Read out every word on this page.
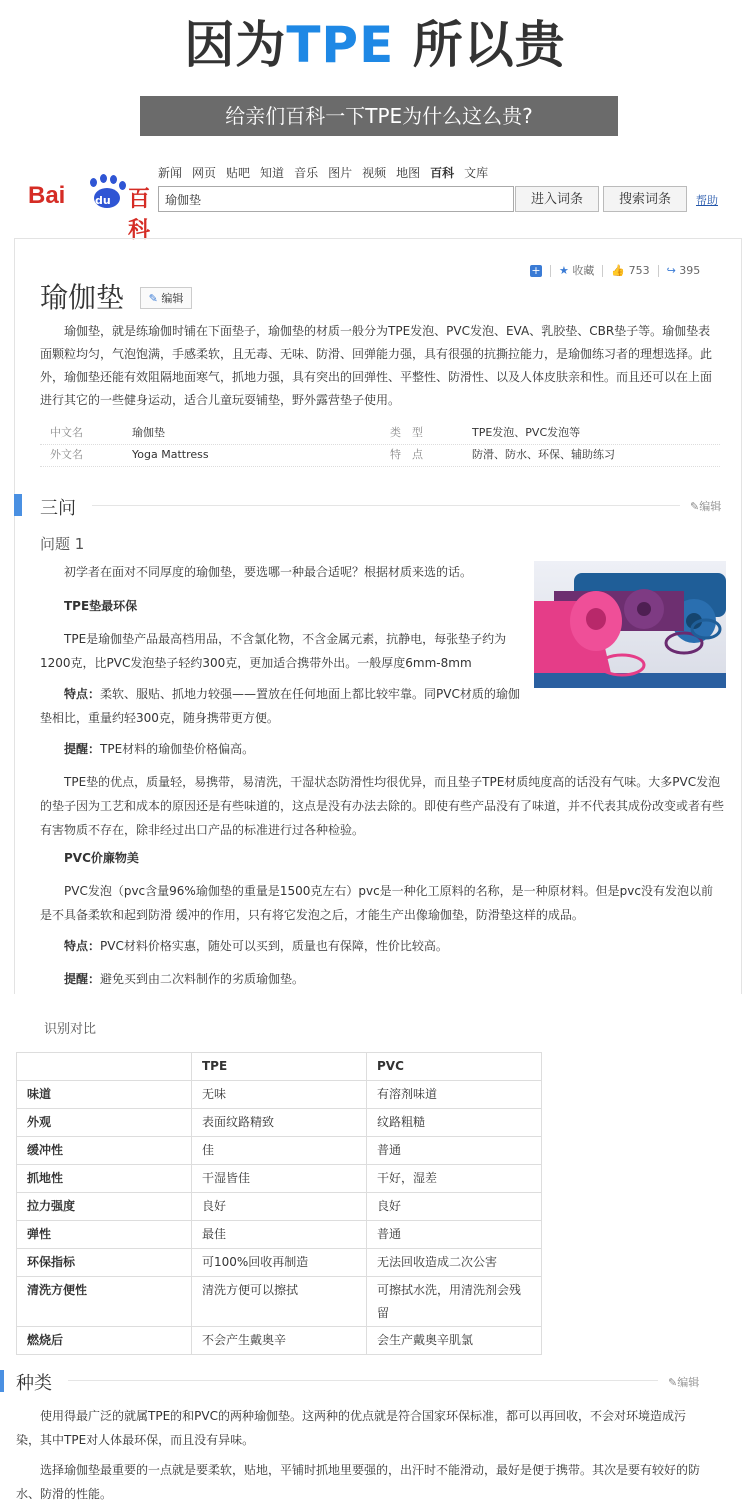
因为TPE 所以贵
给亲们百科一下TPE为什么这么贵?
Bai	du 百科
新闻 网页 贴吧 知道 音乐 图片 视频 地图 百科 文库
瑜伽垫	进入词条	搜索词条	帮助
+ ★ 收藏 👍 753 ↪ 395
瑜伽垫	✎ 编辑
瑜伽垫，就是练瑜伽时铺在下面垫子，瑜伽垫的材质一般分为TPE发泡、PVC发泡、EVA、乳胶垫、CBR垫子等。瑜伽垫表面颗粒均匀，气泡饱满，手感柔软，且无毒、无味、防滑、回弹能力强，具有很强的抗撕拉能力，是瑜伽练习者的理想选择。此外，瑜伽垫还能有效阻隔地面寒气，抓地力强，具有突出的回弹性、平整性、防滑性、以及人体皮肤亲和性。而且还可以在上面进行其它的一些健身运动，适合儿童玩耍铺垫，野外露营垫子使用。
中文名	瑜伽垫	类　型	TPE发泡、PVC发泡等
外文名	Yoga Mattress	特　点	防滑、防水、环保、辅助练习
三问	✎编辑
问题 1
初学者在面对不同厚度的瑜伽垫，要选哪一种最合适呢？根据材质来选的话。
TPE垫最环保
TPE是瑜伽垫产品最高档用品，不含氯化物，不含金属元素，抗静电，每张垫子约为1200克，比PVC发泡垫子轻约300克，更加适合携带外出。一般厚度6mm-8mm
特点：柔软、服贴、抓地力较强——置放在任何地面上都比较牢靠。同PVC材质的瑜伽垫相比，重量约轻300克，随身携带更方便。
提醒：TPE材料的瑜伽垫价格偏高。
TPE垫的优点，质量轻，易携带，易清洗，干湿状态防滑性均很优异，而且垫子TPE材质纯度高的话没有气味。大多PVC发泡的垫子因为工艺和成本的原因还是有些味道的，这点是没有办法去除的。即使有些产品没有了味道，并不代表其成份改变或者有些有害物质不存在，除非经过出口产品的标准进行过各种检验。
PVC价廉物美
PVC发泡（pvc含量96%瑜伽垫的重量是1500克左右）pvc是一种化工原料的名称，是一种原材料。但是pvc没有发泡以前是不具备柔软和起到防滑 缓冲的作用，只有将它发泡之后，才能生产出像瑜伽垫，防滑垫这样的成品。
特点：PVC材料价格实惠，随处可以买到，质量也有保障，性价比较高。
提醒：避免买到由二次料制作的劣质瑜伽垫。
识别对比
	TPE	PVC
味道	无味	有溶剂味道
外观	表面纹路精致	纹路粗糙
缓冲性	佳	普通
抓地性	干湿皆佳	干好，湿差
拉力强度	良好	良好
弹性	最佳	普通
环保指标	可100%回收再制造	无法回收造成二次公害
清洗方便性	清洗方便可以擦拭	可擦拭水洗，用清洗剂会残留
燃烧后	不会产生戴奥辛	会生产戴奥辛肌氯
种类	✎编辑
使用得最广泛的就属TPE的和PVC的两种瑜伽垫。这两种的优点就是符合国家环保标准，都可以再回收，不会对环境造成污染，其中TPE对人体最环保，而且没有异味。
选择瑜伽垫最重要的一点就是要柔软，贴地，平铺时抓地里要强的，出汗时不能滑动，最好是便于携带。其次是要有较好的防水、防滑的性能。
